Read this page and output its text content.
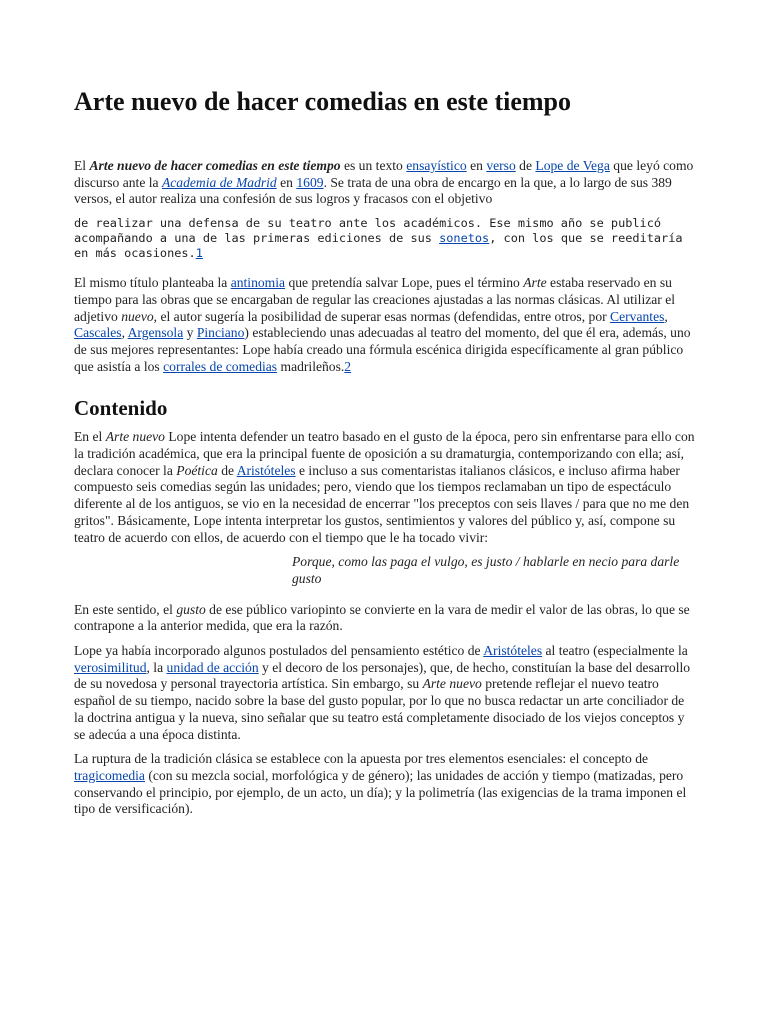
Arte nuevo de hacer comedias en este tiempo

El Arte nuevo de hacer comedias en este tiempo es un texto ensayístico en verso de Lope de Vega que leyó como discurso ante la Academia de Madrid en 1609. Se trata de una obra de encargo en la que, a lo largo de sus 389 versos, el autor realiza una confesión de sus logros y fracasos con el objetivo

de realizar una defensa de su teatro ante los académicos. Ese mismo año se publicó acompañando a una de las primeras ediciones de sus sonetos, con los que se reeditaría en más ocasiones.1

El mismo título planteaba la antinomia que pretendía salvar Lope, pues el término Arte estaba reservado en su tiempo para las obras que se encargaban de regular las creaciones ajustadas a las normas clásicas. Al utilizar el adjetivo nuevo, el autor sugería la posibilidad de superar esas normas (defendidas, entre otros, por Cervantes, Cascales, Argensola y Pinciano) estableciendo unas adecuadas al teatro del momento, del que él era, además, uno de sus mejores representantes: Lope había creado una fórmula escénica dirigida específicamente al gran público que asistía a los corrales de comedias madrileños.2

Contenido

En el Arte nuevo Lope intenta defender un teatro basado en el gusto de la época, pero sin enfrentarse para ello con la tradición académica, que era la principal fuente de oposición a su dramaturgia, contemporizando con ella; así, declara conocer la Poética de Aristóteles e incluso a sus comentaristas italianos clásicos, e incluso afirma haber compuesto seis comedias según las unidades; pero, viendo que los tiempos reclamaban un tipo de espectáculo diferente al de los antiguos, se vio en la necesidad de encerrar "los preceptos con seis llaves / para que no me den gritos". Básicamente, Lope intenta interpretar los gustos, sentimientos y valores del público y, así, compone su teatro de acuerdo con ellos, de acuerdo con el tiempo que le ha tocado vivir:

Porque, como las paga el vulgo, es justo / hablarle en necio para darle gusto

En este sentido, el gusto de ese público variopinto se convierte en la vara de medir el valor de las obras, lo que se contrapone a la anterior medida, que era la razón.

Lope ya había incorporado algunos postulados del pensamiento estético de Aristóteles al teatro (especialmente la verosimilitud, la unidad de acción y el decoro de los personajes), que, de hecho, constituían la base del desarrollo de su novedosa y personal trayectoria artística. Sin embargo, su Arte nuevo pretende reflejar el nuevo teatro español de su tiempo, nacido sobre la base del gusto popular, por lo que no busca redactar un arte conciliador de la doctrina antigua y la nueva, sino señalar que su teatro está completamente disociado de los viejos conceptos y se adecúa a una época distinta.

La ruptura de la tradición clásica se establece con la apuesta por tres elementos esenciales: el concepto de tragicomedia (con su mezcla social, morfológica y de género); las unidades de acción y tiempo (matizadas, pero conservando el principio, por ejemplo, de un acto, un día); y la polimetría (las exigencias de la trama imponen el tipo de versificación).
